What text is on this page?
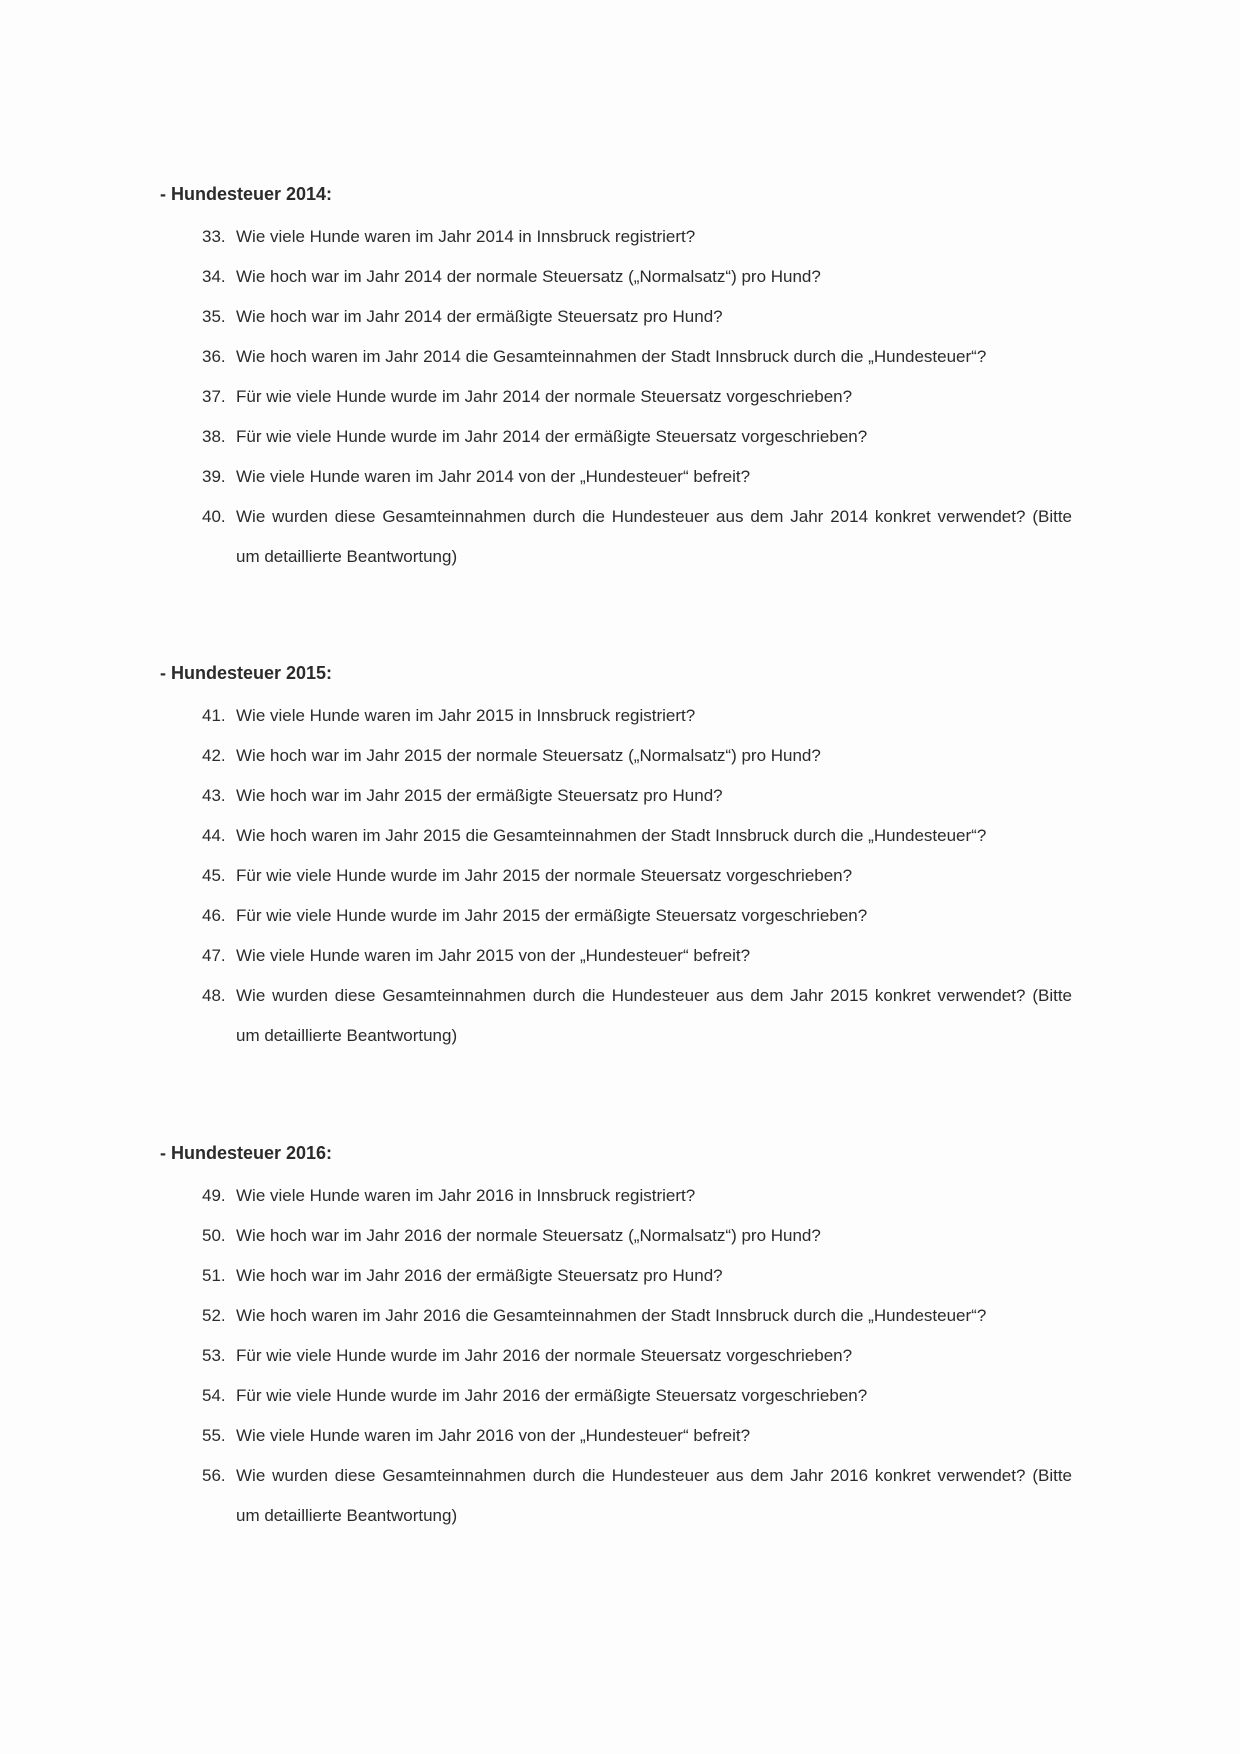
- Hundesteuer 2014:
33. Wie viele Hunde waren im Jahr 2014 in Innsbruck registriert?
34. Wie hoch war im Jahr 2014 der normale Steuersatz („Normalsatz“) pro Hund?
35. Wie hoch war im Jahr 2014 der ermäßigte Steuersatz pro Hund?
36. Wie hoch waren im Jahr 2014 die Gesamteinnahmen der Stadt Innsbruck durch die „Hundesteuer“?
37. Für wie viele Hunde wurde im Jahr 2014 der normale Steuersatz vorgeschrieben?
38. Für wie viele Hunde wurde im Jahr 2014 der ermäßigte Steuersatz vorgeschrieben?
39. Wie viele Hunde waren im Jahr 2014 von der „Hundesteuer“ befreit?
40. Wie wurden diese Gesamteinnahmen durch die Hundesteuer aus dem Jahr 2014 konkret verwendet? (Bitte um detaillierte Beantwortung)
- Hundesteuer 2015:
41. Wie viele Hunde waren im Jahr 2015 in Innsbruck registriert?
42. Wie hoch war im Jahr 2015 der normale Steuersatz („Normalsatz“) pro Hund?
43. Wie hoch war im Jahr 2015 der ermäßigte Steuersatz pro Hund?
44. Wie hoch waren im Jahr 2015 die Gesamteinnahmen der Stadt Innsbruck durch die „Hundesteuer“?
45. Für wie viele Hunde wurde im Jahr 2015 der normale Steuersatz vorgeschrieben?
46. Für wie viele Hunde wurde im Jahr 2015 der ermäßigte Steuersatz vorgeschrieben?
47. Wie viele Hunde waren im Jahr 2015 von der „Hundesteuer“ befreit?
48. Wie wurden diese Gesamteinnahmen durch die Hundesteuer aus dem Jahr 2015 konkret verwendet? (Bitte um detaillierte Beantwortung)
- Hundesteuer 2016:
49. Wie viele Hunde waren im Jahr 2016 in Innsbruck registriert?
50. Wie hoch war im Jahr 2016 der normale Steuersatz („Normalsatz“) pro Hund?
51. Wie hoch war im Jahr 2016 der ermäßigte Steuersatz pro Hund?
52. Wie hoch waren im Jahr 2016 die Gesamteinnahmen der Stadt Innsbruck durch die „Hundesteuer“?
53. Für wie viele Hunde wurde im Jahr 2016 der normale Steuersatz vorgeschrieben?
54. Für wie viele Hunde wurde im Jahr 2016 der ermäßigte Steuersatz vorgeschrieben?
55. Wie viele Hunde waren im Jahr 2016 von der „Hundesteuer“ befreit?
56. Wie wurden diese Gesamteinnahmen durch die Hundesteuer aus dem Jahr 2016 konkret verwendet? (Bitte um detaillierte Beantwortung)
